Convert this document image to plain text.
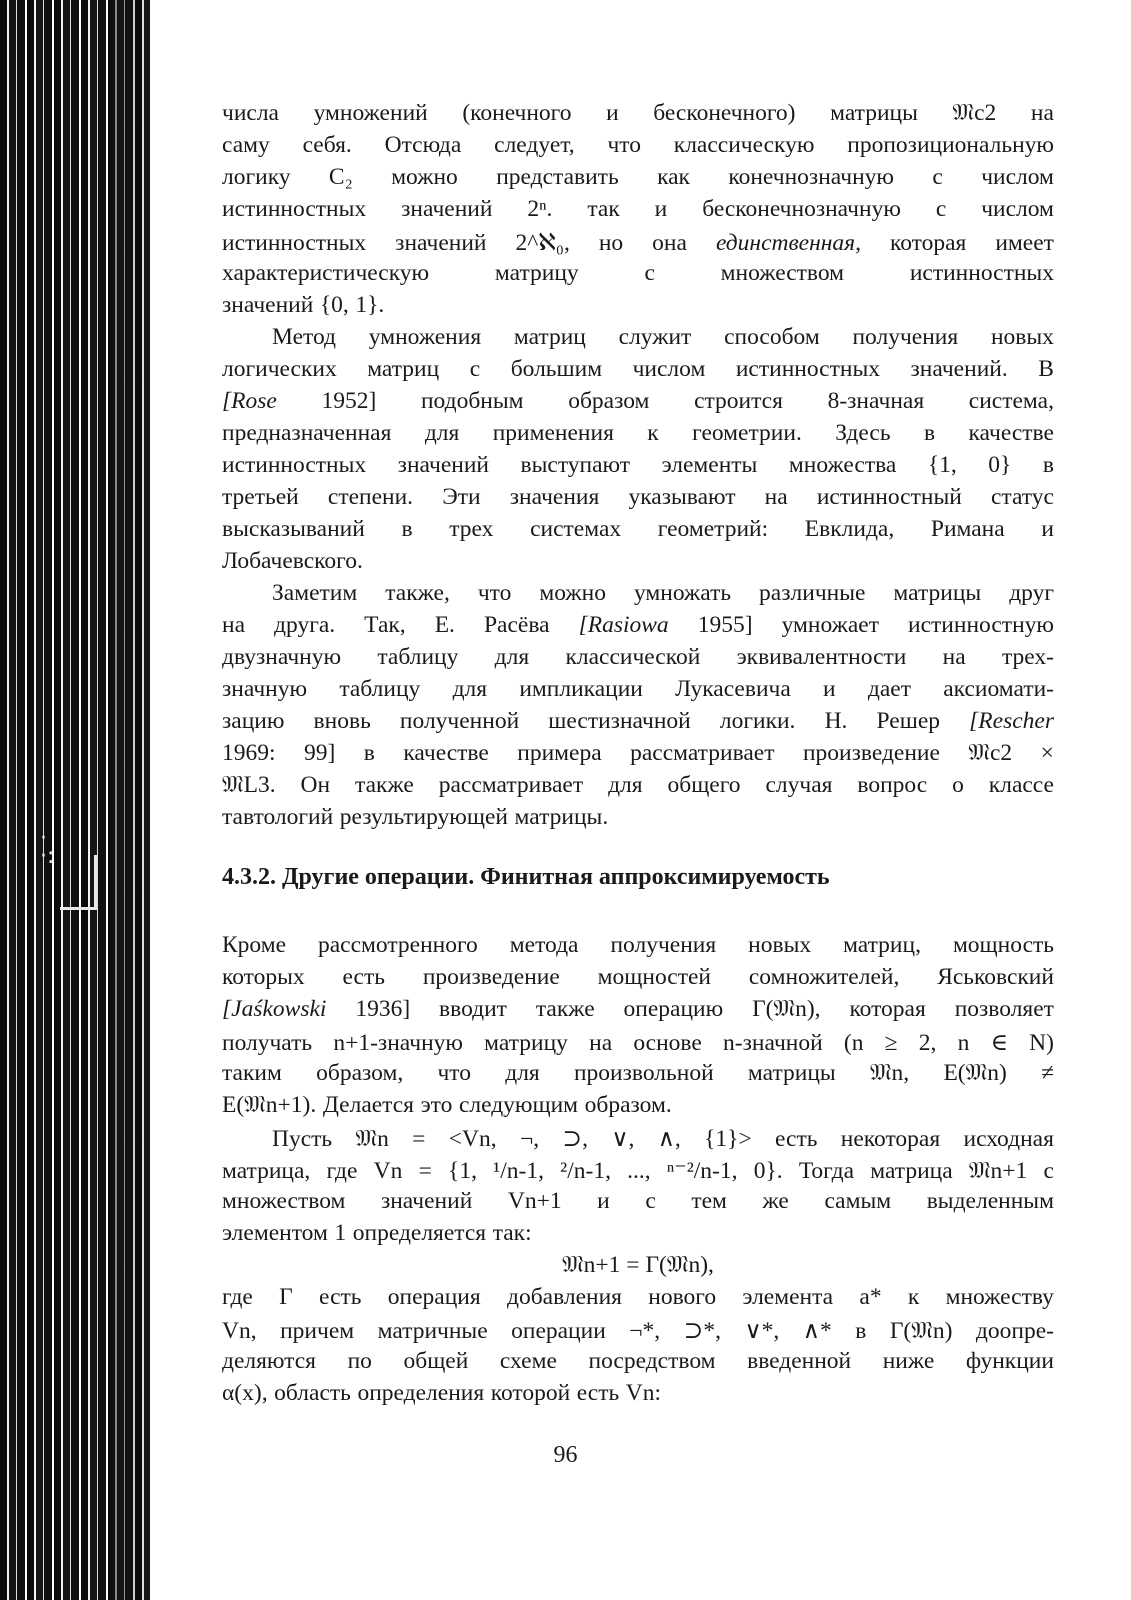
·
·:
числа умножений (конечного и бесконечного) матрицы 𝔐c2 на
саму себя. Отсюда следует, что классическую пропозициональную
логику C₂ можно представить как конечнозначную с числом
истинностных значений 2ⁿ. так и бесконечнозначную с числом
истинностных значений 2^ℵ₀, но она единственная, которая имеет
характеристическую	матрицу	с	множеством	истинностных
значений {0, 1}.
Метод умножения матриц служит способом получения новых
логических матриц с большим числом истинностных значений. В
[Rose 1952] подобным образом строится 8-значная система,
предназначенная для применения к геометрии. Здесь в качестве
истинностных значений выступают элементы множества {1, 0} в
третьей степени. Эти значения указывают на истинностный статус
высказываний в трех системах геометрий: Евклида, Римана и
Лобачевского.
Заметим также, что можно умножать различные матрицы друг
на друга. Так, Е. Расёва [Rasiowa 1955] умножает истинностную
двузначную таблицу для классической эквивалентности на трех-
значную таблицу для импликации Лукасевича и дает аксиомати-
зацию вновь полученной шестизначной логики. Н. Решер [Rescher
1969: 99] в качестве примера рассматривает произведение 𝔐c2 ×
𝔐L3. Он также рассматривает для общего случая вопрос о классе
тавтологий результирующей матрицы.
4.3.2. Другие операции. Финитная аппроксимируемость
Кроме рассмотренного метода получения новых матриц, мощность
которых есть произведение мощностей сомножителей, Яськовский
[Jaśkowski 1936] вводит также операцию Γ(𝔐n), которая позволяет
получать n+1-значную матрицу на основе n-значной (n ≥ 2, n ∈ N)
таким образом, что для произвольной матрицы 𝔐n, E(𝔐n) ≠
E(𝔐n+1). Делается это следующим образом.
Пусть 𝔐n = <Vn, ¬, ⊃, ∨, ∧, {1}> есть некоторая исходная
матрица, где Vn = {1, ¹/n-1, ²/n-1, ..., ⁿ⁻²/n-1, 0}. Тогда матрица 𝔐n+1 с
множеством значений Vn+1 и с тем же самым выделенным
элементом 1 определяется так:
𝔐n+1 = Γ(𝔐n),
где Γ есть операция добавления нового элемента a* к множеству
Vn, причем матричные операции ¬*, ⊃*, ∨*, ∧* в Γ(𝔐n) доопре-
деляются по общей схеме посредством введенной ниже функции
α(x), область определения которой есть Vn:
96
